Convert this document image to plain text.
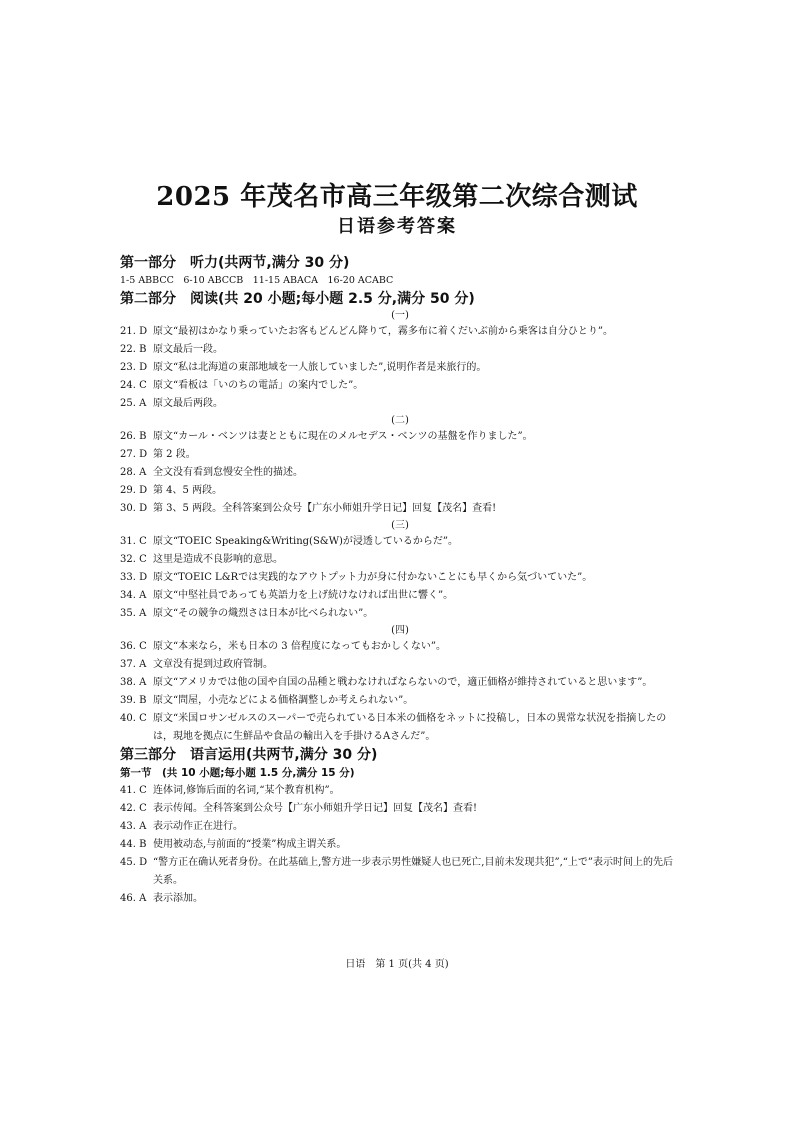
2025 年茂名市高三年级第二次综合测试
日语参考答案
第一部分　听力(共两节,满分 30 分)
1-5 ABBCC　6-10 ABCCB　11-15 ABACA　16-20 ACABC
第二部分　阅读(共 20 小题;每小题 2.5 分,满分 50 分)
(一)
21. D 原文“最初はかなり乗っていたお客もどんどん降りて，霧多布に着くだいぶ前から乗客は自分ひとり”。
22. B 原文最后一段。
23. D 原文“私は北海道の東部地域を一人旅していました”,说明作者是来旅行的。
24. C 原文“看板は「いのちの電話」の案内でした”。
25. A 原文最后两段。
(二)
26. B 原文“カール・ベンツは妻とともに現在のメルセデス・ベンツの基盤を作りました”。
27. D 第 2 段。
28. A 全文没有看到怠慢安全性的描述。
29. D 第 4、5 两段。
30. D 第 3、5 两段。全科答案到公众号【广东小师姐升学日记】回复【茂名】查看!
(三)
31. C 原文“TOEIC Speaking&Writing(S&W)が浸透しているからだ”。
32. C 这里是造成不良影响的意思。
33. D 原文“TOEIC L&Rでは実践的なアウトプット力が身に付かないことにも早くから気づいていた”。
34. A 原文“中堅社員であっても英語力を上げ続けなければ出世に響く”。
35. A 原文“その競争の熾烈さは日本が比べられない”。
(四)
36. C 原文“本来なら，米も日本の 3 倍程度になってもおかしくない”。
37. A 文章没有提到过政府管制。
38. A 原文“アメリカでは他の国や自国の品種と戦わなければならないので，適正価格が維持されていると思います”。
39. B 原文“問屋，小売などによる価格調整しか考えられない”。
40. C 原文“米国ロサンゼルスのスーパーで売られている日本米の価格をネットに投稿し，日本の異常な状況を指摘したのは，現地を拠点に生鮮品や食品の輸出入を手掛けるAさんだ”。
第三部分　语言运用(共两节,满分 30 分)
第一节　(共 10 小题;每小题 1.5 分,满分 15 分)
41. C 连体词,修饰后面的名词,“某个教育机构”。
42. C 表示传闻。全科答案到公众号【广东小师姐升学日记】回复【茂名】查看!
43. A 表示动作正在进行。
44. B 使用被动态,与前面的“授業”构成主谓关系。
45. D “警方正在确认死者身份。在此基础上,警方进一步表示男性嫌疑人也已死亡,目前未发现共犯”,“上で”表示时间上的先后关系。
46. A 表示添加。
日语　第 1 页(共 4 页)
